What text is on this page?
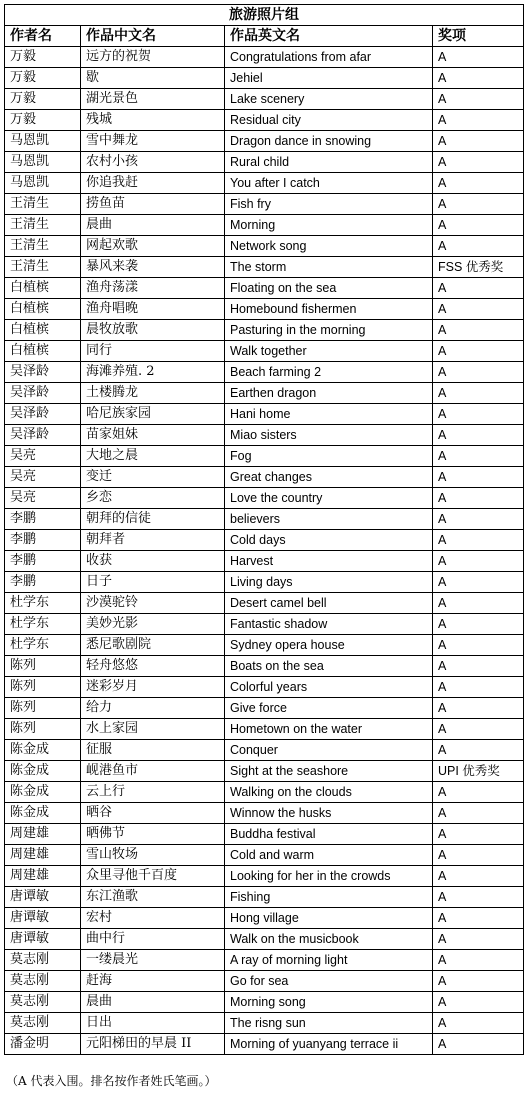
旅游照片组			
作者名	作品中文名	作品英文名	奖项
万毅	远方的祝贺	Congratulations from afar	A
万毅	歇	Jehiel	A
万毅	湖光景色	Lake scenery	A
万毅	残城	Residual city	A
马恩凯	雪中舞龙	Dragon dance in snowing	A
马恩凯	农村小孩	Rural child	A
马恩凯	你追我赶	You after I catch	A
王清生	捞鱼苗	Fish fry	A
王清生	晨曲	Morning	A
王清生	网起欢歌	Network song	A
王清生	暴风来袭	The storm	FSS 优秀奖
白植槟	渔舟荡漾	Floating on the sea	A
白植槟	渔舟唱晚	Homebound fishermen	A
白植槟	晨牧放歌	Pasturing in the morning	A
白植槟	同行	Walk together	A
吴泽龄	海滩养殖. 2	Beach farming 2	A
吴泽龄	土楼腾龙	Earthen dragon	A
吴泽龄	哈尼族家园	Hani home	A
吴泽龄	苗家姐妹	Miao sisters	A
吴亮	大地之晨	Fog	A
吴亮	变迁	Great changes	A
吴亮	乡恋	Love the country	A
李鹏	朝拜的信徒	believers	A
李鹏	朝拜者	Cold days	A
李鹏	收获	Harvest	A
李鹏	日子	Living days	A
杜学东	沙漠驼铃	Desert camel bell	A
杜学东	美妙光影	Fantastic shadow	A
杜学东	悉尼歌剧院	Sydney opera house	A
陈列	轻舟悠悠	Boats on the sea	A
陈列	迷彩岁月	Colorful years	A
陈列	给力	Give force	A
陈列	水上家园	Hometown on the water	A
陈金成	征服	Conquer	A
陈金成	岘港鱼市	Sight at the seashore	UPI 优秀奖
陈金成	云上行	Walking on the clouds	A
陈金成	晒谷	Winnow the husks	A
周建雄	晒佛节	Buddha festival	A
周建雄	雪山牧场	Cold and warm	A
周建雄	众里寻他千百度	Looking for her in the crowds	A
唐谭敏	东江渔歌	Fishing	A
唐谭敏	宏村	Hong village	A
唐谭敏	曲中行	Walk on the musicbook	A
莫志刚	一缕晨光	A ray of morning light	A
莫志刚	赶海	Go for sea	A
莫志刚	晨曲	Morning song	A
莫志刚	日出	The risng sun	A
潘金明	元阳梯田的早晨 II	Morning of yuanyang terrace ii	A
（A 代表入围。排名按作者姓氏笔画。）
